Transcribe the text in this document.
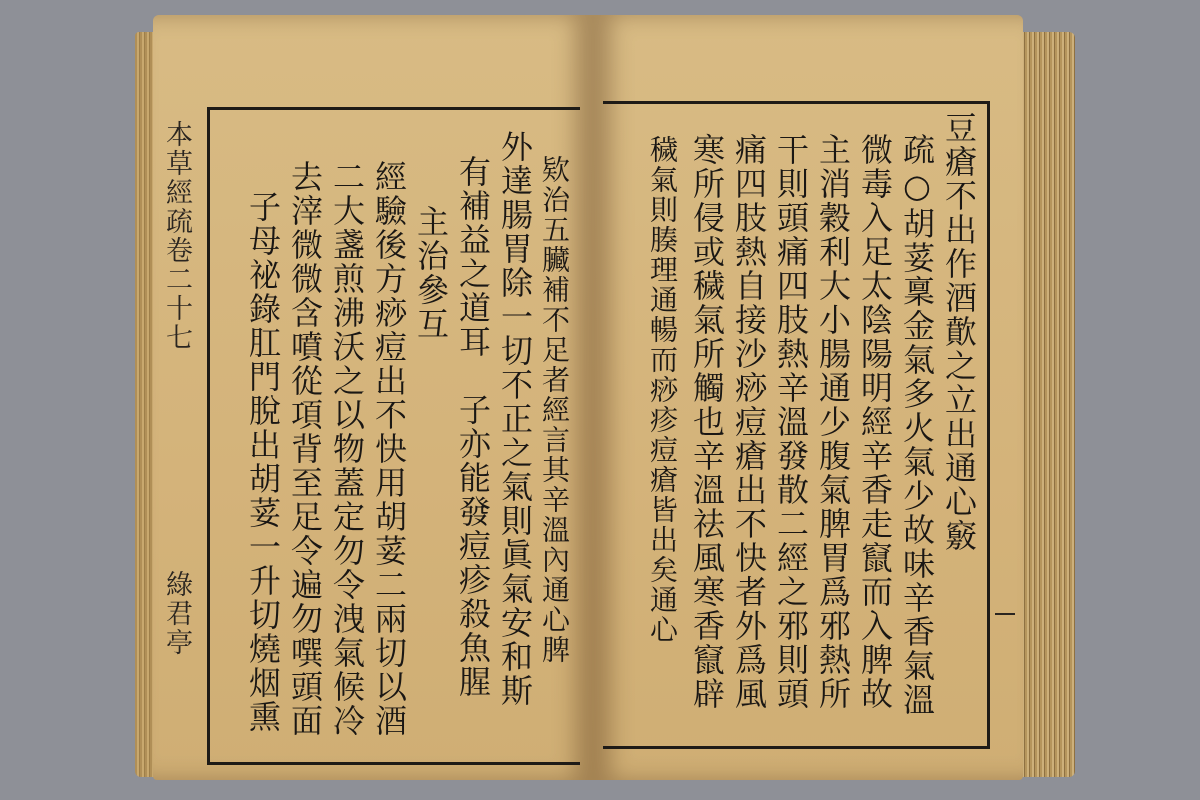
本草經疏卷二十七
綠君亭	欵治五臟補不足者經言其辛溫內通心脾
外達腸胃除一切不正之氣則眞氣安和斯
有補益之道耳　子亦能發痘疹殺魚腥
主治參互
經驗後方痧痘出不快用胡荽二兩切以酒
二大盞煎沸沃之以物蓋定勿令洩氣候冷
去滓微微含噴從項背至足令遍勿噀頭面
子母祕錄肛門脫出胡荽一升切燒烟熏	豆瘡不出作酒歕之立出通心竅
疏○胡荽稟金氣多火氣少故味辛香氣溫
微毒入足太陰陽明經辛香走竄而入脾故
主消穀利大小腸通少腹氣脾胃爲邪熱所
干則頭痛四肢熱辛溫發散二經之邪則頭
痛四肢熱自接沙痧痘瘡出不快者外爲風
寒所侵或穢氣所觸也辛溫祛風寒香竄辟
穢氣則腠理通暢而痧疹痘瘡皆出矣通心
